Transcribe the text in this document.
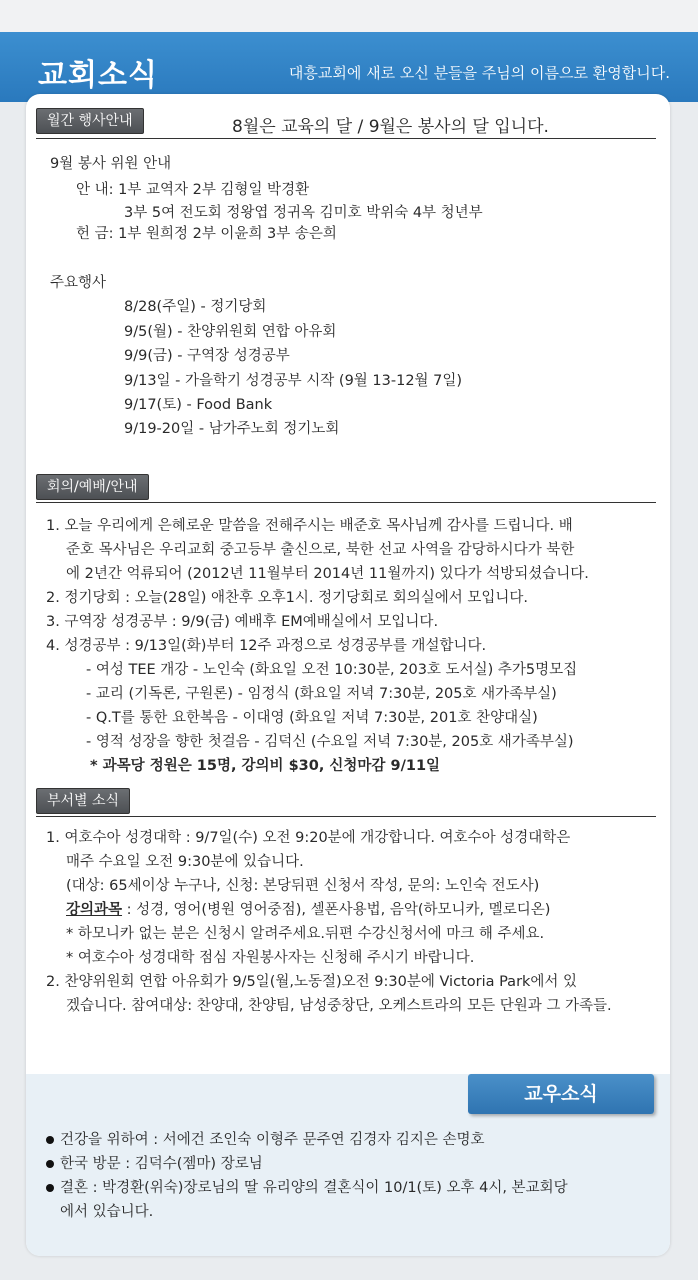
교회소식	대흥교회에 새로 오신 분들을 주님의 이름으로 환영합니다.
월간 행사안내	8월은 교육의 달 / 9월은 봉사의 달 입니다.
9월 봉사 위원 안내
안 내: 1부 교역자 2부 김형일 박경환
3부 5여 전도회 정왕엽 정귀옥 김미호 박위숙 4부 청년부
헌 금: 1부 원희정 2부 이윤희 3부 송은희
주요행사
8/28(주일) - 정기당회
9/5(월) - 찬양위원회 연합 아유회
9/9(금) - 구역장 성경공부
9/13일 - 가을학기 성경공부 시작 (9월 13-12월 7일)
9/17(토) - Food Bank
9/19-20일 - 남가주노회 정기노회
회의/예배/안내
1. 오늘 우리에게 은혜로운 말씀을 전해주시는 배준호 목사님께 감사를 드립니다. 배
준호 목사님은 우리교회 중고등부 출신으로, 북한 선교 사역을 감당하시다가 북한
에 2년간 억류되어 (2012년 11월부터 2014년 11월까지) 있다가 석방되셨습니다.
2. 정기당회 : 오늘(28일) 애찬후 오후1시. 정기당회로 회의실에서 모입니다.
3. 구역장 성경공부 : 9/9(금) 예배후 EM예배실에서 모입니다.
4. 성경공부 : 9/13일(화)부터 12주 과정으로 성경공부를 개설합니다.
- 여성 TEE 개강 - 노인숙 (화요일 오전 10:30분, 203호 도서실) 추가5명모집
- 교리 (기독론, 구원론) - 임정식 (화요일 저녁 7:30분, 205호 새가족부실)
- Q.T를 통한 요한복음 - 이대영 (화요일 저녁 7:30분, 201호 찬양대실)
- 영적 성장을 향한 첫걸음 - 김덕신 (수요일 저녁 7:30분, 205호 새가족부실)
* 과목당 정원은 15명, 강의비 $30, 신청마감 9/11일
부서별 소식
1. 여호수아 성경대학 : 9/7일(수) 오전 9:20분에 개강합니다. 여호수아 성경대학은
매주 수요일 오전 9:30분에 있습니다.
(대상: 65세이상 누구나, 신청: 본당뒤편 신청서 작성, 문의: 노인숙 전도사)
강의과목 : 성경, 영어(병원 영어중점), 셀폰사용법, 음악(하모니카, 멜로디온)
* 하모니카 없는 분은 신청시 알려주세요.뒤편 수강신청서에 마크 해 주세요.
* 여호수아 성경대학 점심 자원봉사자는 신청해 주시기 바랍니다.
2. 찬양위원회 연합 아유회가 9/5일(월,노동절)오전 9:30분에 Victoria Park에서 있
겠습니다. 참여대상: 찬양대, 찬양팀, 남성중창단, 오케스트라의 모든 단원과 그 가족들.
교우소식
건강을 위하여 : 서에건 조인숙 이형주 문주연 김경자 김지은 손명호
한국 방문 : 김덕수(젬마) 장로님
결혼 : 박경환(위숙)장로님의 딸 유리양의 결혼식이 10/1(토) 오후 4시, 본교회당
에서 있습니다.
